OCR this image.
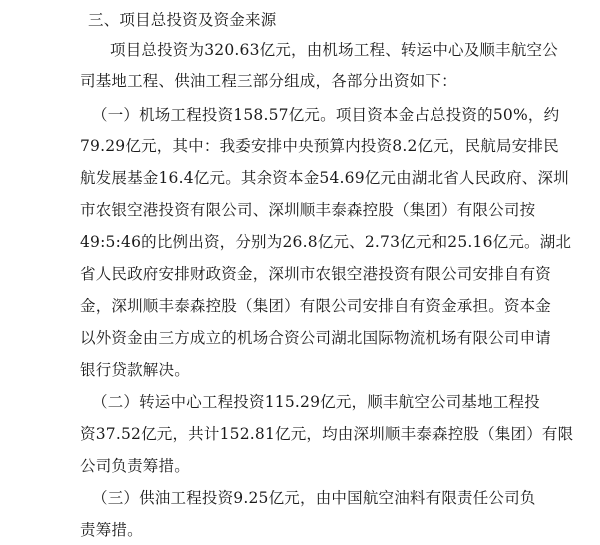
三、项目总投资及资金来源
项目总投资为320.63亿元，由机场工程、转运中心及顺丰航空公
司基地工程、供油工程三部分组成，各部分出资如下：
（一）机场工程投资158.57亿元。项目资本金占总投资的50%，约
79.29亿元，其中：我委安排中央预算内投资8.2亿元，民航局安排民
航发展基金16.4亿元。其余资本金54.69亿元由湖北省人民政府、深圳
市农银空港投资有限公司、深圳顺丰泰森控股（集团）有限公司按
49:5:46的比例出资，分别为26.8亿元、2.73亿元和25.16亿元。湖北
省人民政府安排财政资金，深圳市农银空港投资有限公司安排自有资
金，深圳顺丰泰森控股（集团）有限公司安排自有资金承担。资本金
以外资金由三方成立的机场合资公司湖北国际物流机场有限公司申请
银行贷款解决。
（二）转运中心工程投资115.29亿元，顺丰航空公司基地工程投
资37.52亿元，共计152.81亿元，均由深圳顺丰泰森控股（集团）有限
公司负责筹措。
（三）供油工程投资9.25亿元，由中国航空油料有限责任公司负
责筹措。
